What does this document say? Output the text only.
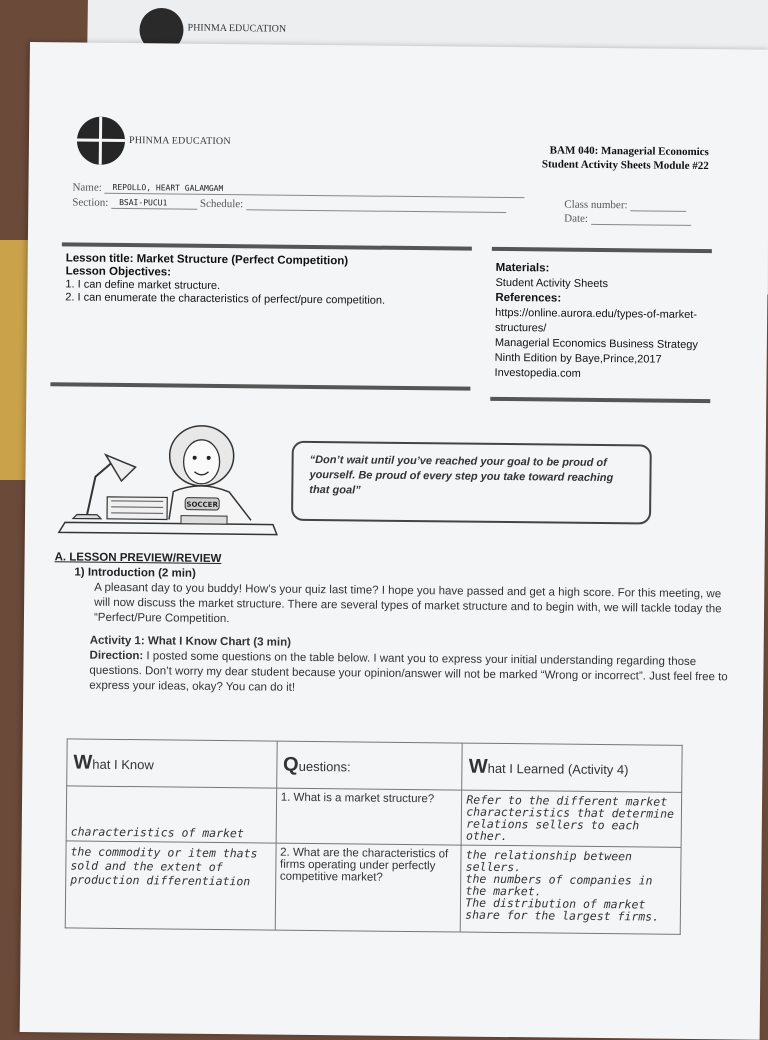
PHINMA EDUCATION
PHINMA EDUCATION
BAM 040: Managerial Economics
Student Activity Sheets Module #22
Name: REPOLLO, HEART GALAMGAM
Section: BSAI-PUCU1	Schedule:	Class number:
Date:
Lesson title: Market Structure (Perfect Competition)
Lesson Objectives:
1. I can define market structure.
2. I can enumerate the characteristics of perfect/pure competition.
Materials:
Student Activity Sheets
References:
https://online.aurora.edu/types-of-market-structures/
Managerial Economics Business Strategy Ninth Edition by Baye,Prince,2017
Investopedia.com
SOCCER
“Don’t wait until you’ve reached your goal to be proud of yourself. Be proud of every step you take toward reaching that goal”
A. LESSON PREVIEW/REVIEW
1) Introduction (2 min)
A pleasant day to you buddy! How’s your quiz last time? I hope you have passed and get a high score. For this meeting, we will now discuss the market structure. There are several types of market structure and to begin with, we will tackle today the “Perfect/Pure Competition.
Activity 1: What I Know Chart (3 min)
Direction: I posted some questions on the table below. I want you to express your initial understanding regarding those questions. Don’t worry my dear student because your opinion/answer will not be marked “Wrong or incorrect”. Just feel free to express your ideas, okay? You can do it!
What I Know	Questions:	What I Learned (Activity 4)
characteristics of market	1. What is a market structure?	Refer to the different market characteristics that determine relations sellers to each other.
the commodity or item thats sold and the extent of production differentiation	2. What are the characteristics of firms operating under perfectly competitive market?	the relationship between sellers.
the numbers of companies in the market.
The distribution of market share for the largest firms.
